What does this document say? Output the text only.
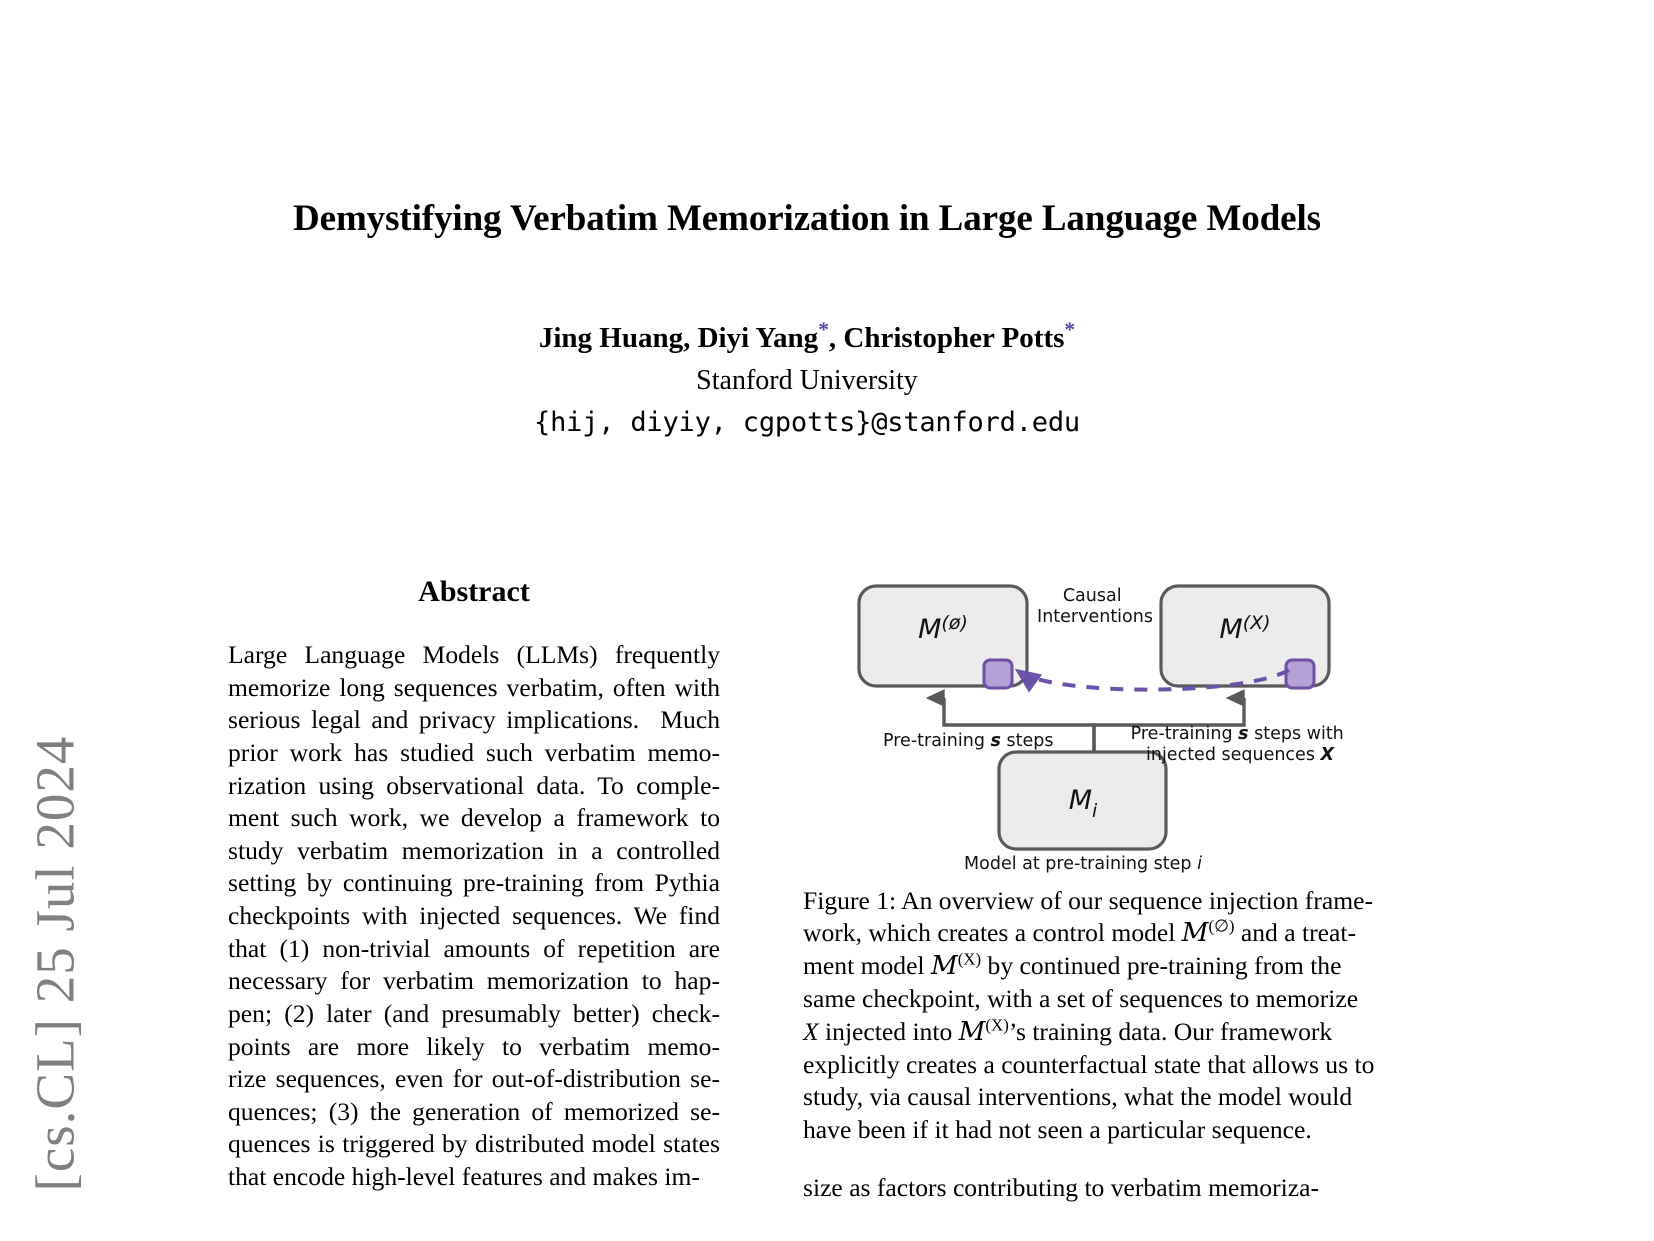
[cs.CL] 25 Jul 2024
Demystifying Verbatim Memorization in Large Language Models
Jing Huang, Diyi Yang*, Christopher Potts*
Stanford University
{hij, diyiy, cgpotts}@stanford.edu
Abstract
Large  Language  Models  (LLMs)  frequently
memorize long sequences verbatim, often with
serious legal and privacy implications.  Much
prior work has studied such verbatim memo-
rization using observational data. To comple-
ment such work, we develop a framework to
study verbatim memorization in a controlled
setting by continuing pre-training from Pythia
checkpoints with injected sequences. We find
that (1) non-trivial amounts of repetition are
necessary for verbatim memorization to hap-
pen; (2) later (and presumably better) check-
points  are  more  likely  to  verbatim  memo-
rize sequences, even for out-of-distribution se-
quences; (3) the generation of memorized se-
quences is triggered by distributed model states
that encode high-level features and makes im-
$M^{(ø)}$	$M^{(X)}$
Causal Interventions
$M_i$
Pre-training s steps	Pre-training s steps with injected sequences X
Model at pre-training step i
Figure 1: An overview of our sequence injection frame-
work, which creates a control model M(∅) and a treat-
ment model $M^{(X)}$ by continued pre-training from the
same checkpoint, with a set of sequences to memorize
X injected into $M^{(X)}’s$ training data. Our framework
explicitly creates a counterfactual state that allows us to
study, via causal interventions, what the model would
have been if it had not seen a particular sequence.
size as factors contributing to verbatim memoriza-
